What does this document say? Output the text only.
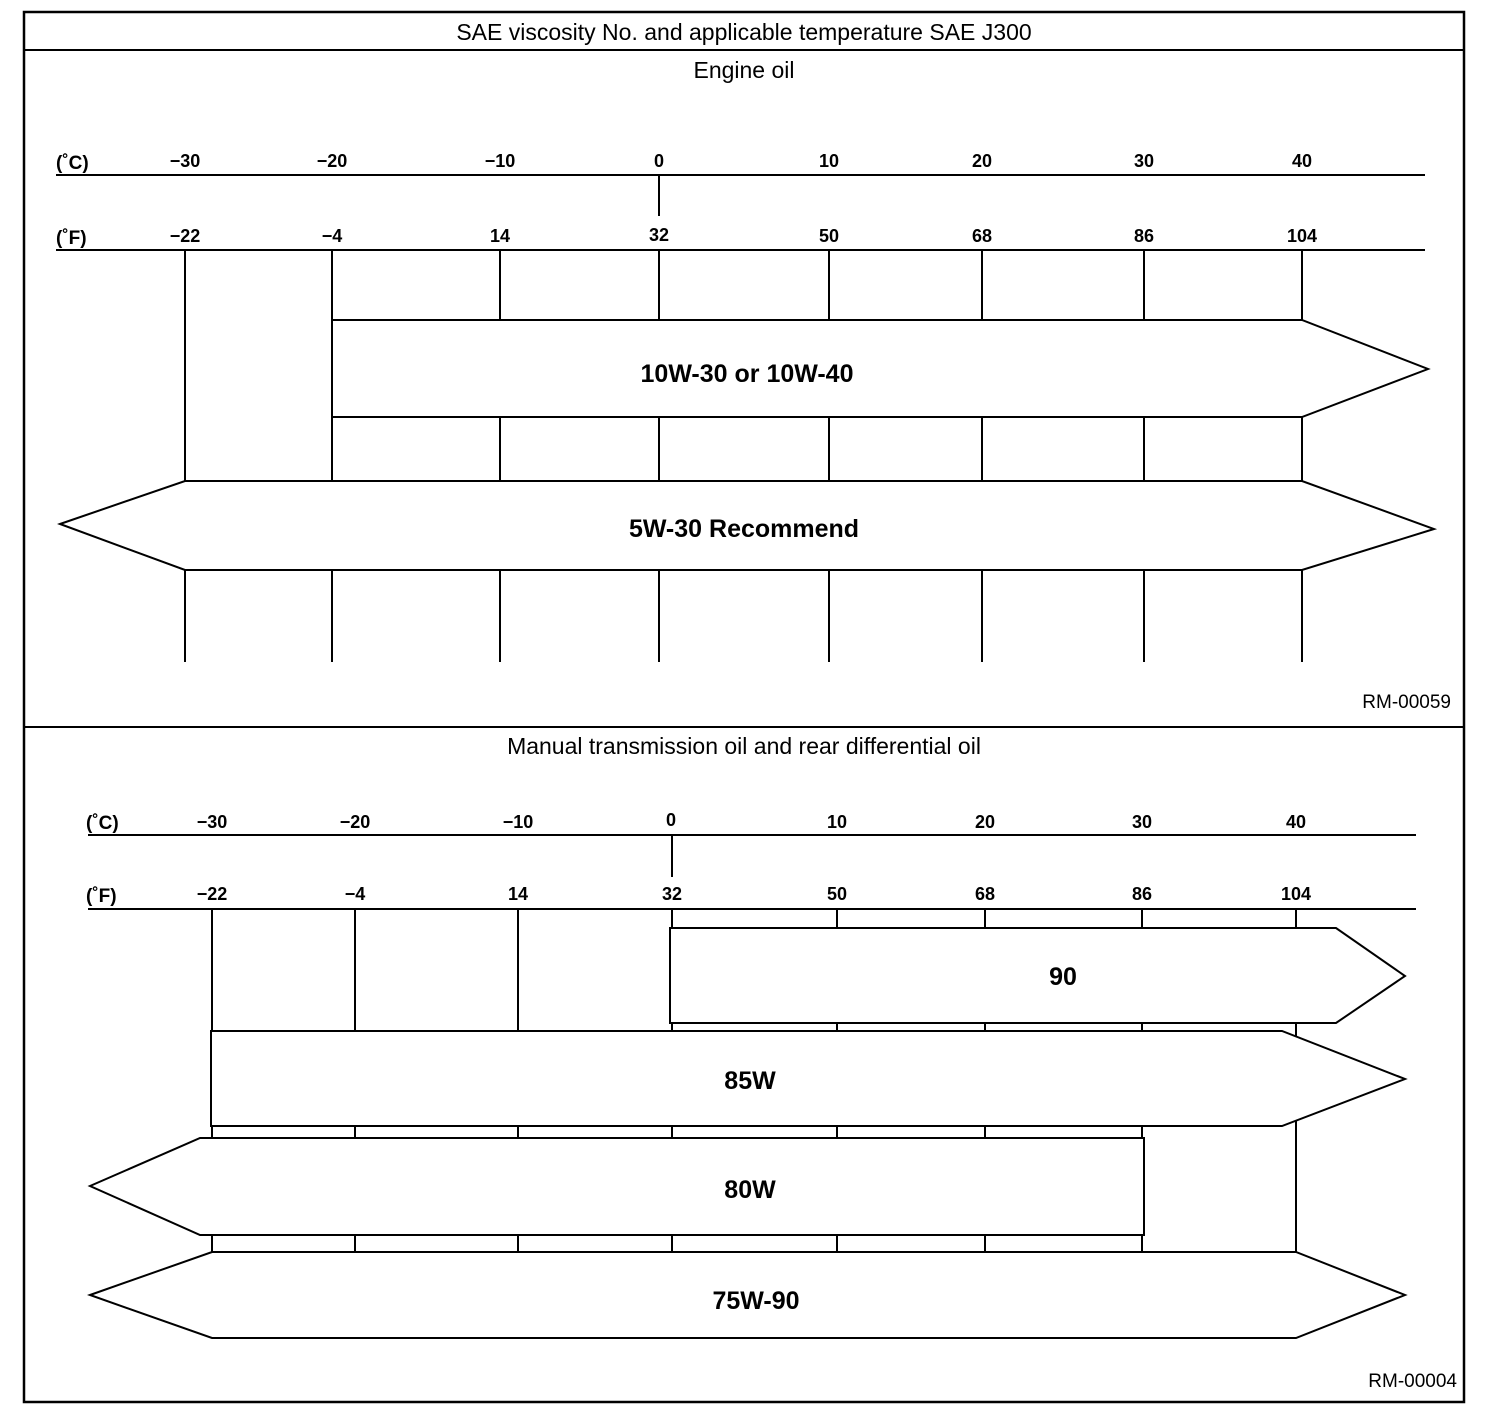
SAE viscosity No. and applicable temperature SAE J300
Engine oil
(˚C)
(˚F)
−30	−20	−10	0	10	20	30	40
−22	−4	14	32	50	68	86	104
10W-30 or 10W-40
5W-30 Recommend
RM-00059
Manual transmission oil and rear differential oil
(˚C)
(˚F)
−30	−20	−10	0	10	20	30	40
−22	−4	14	32	50	68	86	104
90
85W
80W
75W-90
RM-00004
